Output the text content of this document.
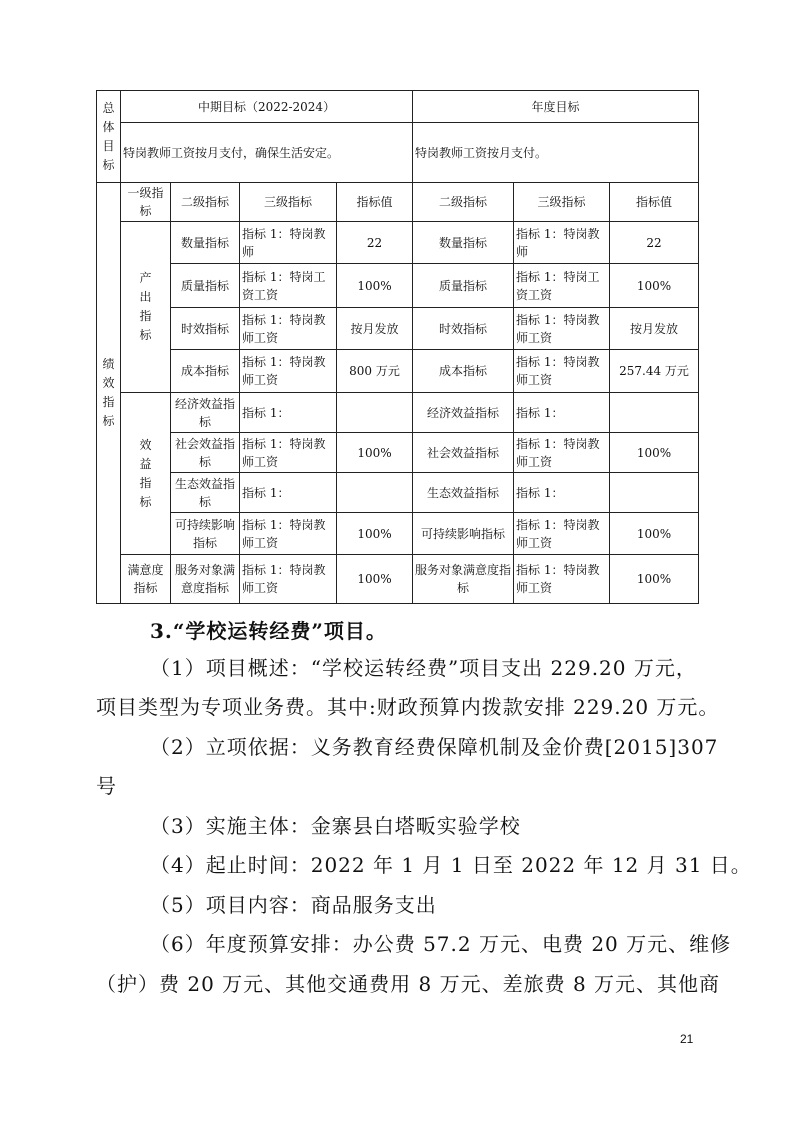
总体目标	中期目标（2022-2024）				年度目标		
	特岗教师工资按月支付，确保生活安定。				特岗教师工资按月支付。		
绩效指标	一级指标	二级指标	三级指标	指标值	二级指标	三级指标	指标值
	产出指标	数量指标	指标 1：特岗教师	22	数量指标	指标 1：特岗教师	22
		质量指标	指标 1：特岗工资工资	100%	质量指标	指标 1：特岗工资工资	100%
		时效指标	指标 1：特岗教师工资	按月发放	时效指标	指标 1：特岗教师工资	按月发放
		成本指标	指标 1：特岗教师工资	800 万元	成本指标	指标 1：特岗教师工资	257.44 万元
	效益指标	经济效益指标	指标 1：		经济效益指标	指标 1：	
		社会效益指标	指标 1：特岗教师工资	100%	社会效益指标	指标 1：特岗教师工资	100%
		生态效益指标	指标 1：		生态效益指标	指标 1：	
		可持续影响指标	指标 1：特岗教师工资	100%	可持续影响指标	指标 1：特岗教师工资	100%
	满意度指标	服务对象满意度指标	指标 1：特岗教师工资	100%	服务对象满意度指标	指标 1：特岗教师工资	100%
3.“学校运转经费”项目。
（1）项目概述：“学校运转经费”项目支出 229.20 万元，
项目类型为专项业务费。其中:财政预算内拨款安排 229.20 万元。
（2）立项依据：义务教育经费保障机制及金价费[2015]307
号
（3）实施主体：金寨县白塔畈实验学校
（4）起止时间：2022 年 1 月 1 日至 2022 年 12 月 31 日。
（5）项目内容：商品服务支出
（6）年度预算安排：办公费 57.2 万元、电费 20 万元、维修
（护）费 20 万元、其他交通费用 8 万元、差旅费 8 万元、其他商
21
